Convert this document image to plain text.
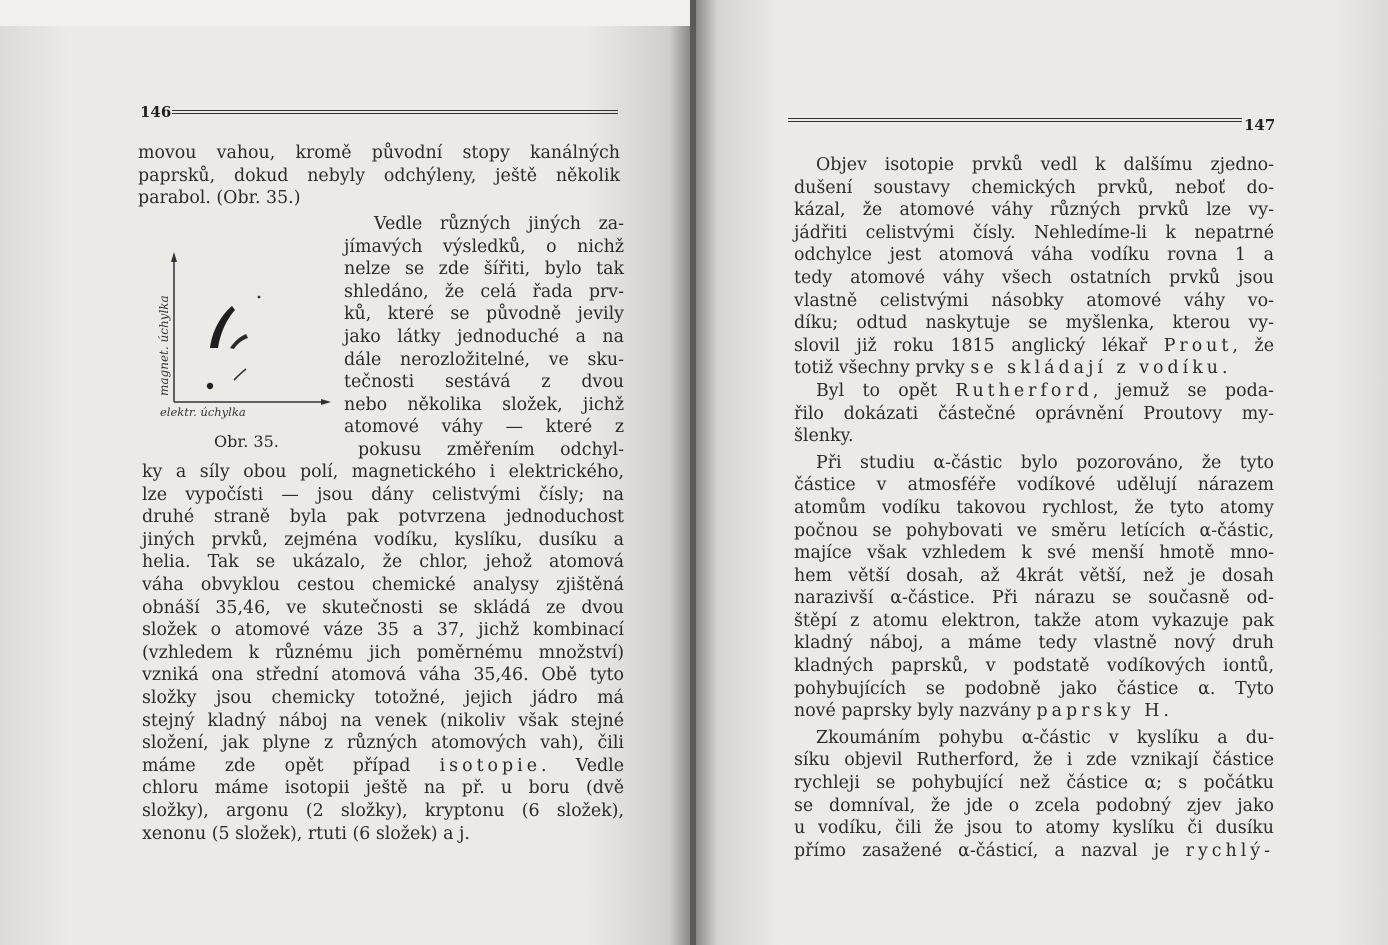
146
movou vahou, kromě původní stopy kanálných
paprsků, dokud nebyly odchýleny, ještě několik
parabol. (Obr. 35.)
magnet. úchylka
elektr. úchylka
Obr. 35.
Vedle různých jiných za-
jímavých výsledků, o nichž
nelze se zde šířiti, bylo tak
shledáno, že celá řada prv-
ků, které se původně jevily
jako látky jednoduché a na
dále nerozložitelné, ve sku-
tečnosti sestává z dvou
nebo několika složek, jichž
atomové váhy — které z
pokusu změřením odchyl-
ky a síly obou polí, magnetického i elektrického,
lze vypočísti — jsou dány celistvými čísly; na
druhé straně byla pak potvrzena jednoduchost
jiných prvků, zejména vodíku, kyslíku, dusíku a
helia. Tak se ukázalo, že chlor, jehož atomová
váha obvyklou cestou chemické analysy zjištěná
obnáší 35,46, ve skutečnosti se skládá ze dvou
složek o atomové váze 35 a 37, jichž kombinací
(vzhledem k různému jich poměrnému množství)
vzniká ona střední atomová váha 35,46. Obě tyto
složky jsou chemicky totožné, jejich jádro má
stejný kladný náboj na venek (nikoliv však stejné
složení, jak plyne z různých atomových vah), čili
máme zde opět případ isotopie. Vedle
chloru máme isotopii ještě na př. u boru (dvě
složky), argonu (2 složky), kryptonu (6 složek),
xenonu (5 složek), rtuti (6 složek) a j.
147
Objev isotopie prvků vedl k dalšímu zjedno-
dušení soustavy chemických prvků, neboť do-
kázal, že atomové váhy různých prvků lze vy-
jádřiti celistvými čísly. Nehledíme-li k nepatrné
odchylce jest atomová váha vodíku rovna 1 a
tedy atomové váhy všech ostatních prvků jsou
vlastně celistvými násobky atomové váhy vo-
díku; odtud naskytuje se myšlenka, kterou vy-
slovil již roku 1815 anglický lékař Prout, že
totiž všechny prvky se skládají z vodíku.
Byl to opět Rutherford, jemuž se poda-
řilo dokázati částečné oprávnění Proutovy my-
šlenky.
Při studiu α-částic bylo pozorováno, že tyto
částice v atmosféře vodíkové udělují nárazem
atomům vodíku takovou rychlost, že tyto atomy
počnou se pohybovati ve směru letících α-částic,
majíce však vzhledem k své menší hmotě mno-
hem větší dosah, až 4krát větší, než je dosah
narazivší α-částice. Při nárazu se současně od-
štěpí z atomu elektron, takže atom vykazuje pak
kladný náboj, a máme tedy vlastně nový druh
kladných paprsků, v podstatě vodíkových iontů,
pohybujících se podobně jako částice α. Tyto
nové paprsky byly nazvány paprsky H.
Zkoumáním pohybu α-částic v kyslíku a du-
síku objevil Rutherford, že i zde vznikají částice
rychleji se pohybující než částice α; s počátku
se domníval, že jde o zcela podobný zjev jako
u vodíku, čili že jsou to atomy kyslíku či dusíku
přímo zasažené α-částicí, a nazval je rychlý-
